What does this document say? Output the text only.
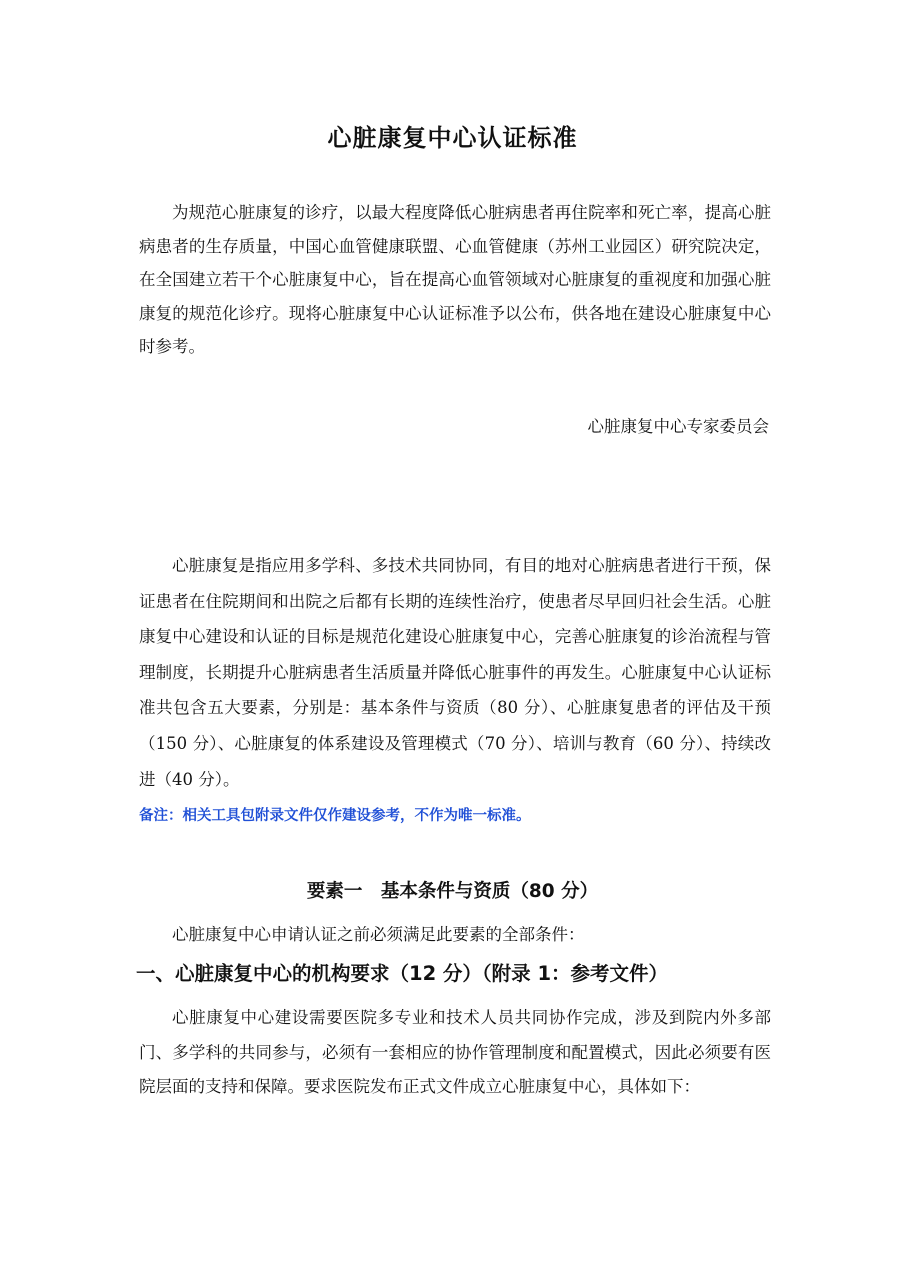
心脏康复中心认证标准

为规范心脏康复的诊疗，以最大程度降低心脏病患者再住院率和死亡率，提高心脏病患者的生存质量，中国心血管健康联盟、心血管健康（苏州工业园区）研究院决定，在全国建立若干个心脏康复中心，旨在提高心血管领域对心脏康复的重视度和加强心脏康复的规范化诊疗。现将心脏康复中心认证标准予以公布，供各地在建设心脏康复中心时参考。

心脏康复中心专家委员会

心脏康复是指应用多学科、多技术共同协同，有目的地对心脏病患者进行干预，保证患者在住院期间和出院之后都有长期的连续性治疗，使患者尽早回归社会生活。心脏康复中心建设和认证的目标是规范化建设心脏康复中心，完善心脏康复的诊治流程与管理制度，长期提升心脏病患者生活质量并降低心脏事件的再发生。心脏康复中心认证标准共包含五大要素，分别是：基本条件与资质（80 分）、心脏康复患者的评估及干预（150 分）、心脏康复的体系建设及管理模式（70 分）、培训与教育（60 分）、持续改进（40 分）。

备注：相关工具包附录文件仅作建设参考，不作为唯一标准。
要素一　基本条件与资质（80 分）

心脏康复中心申请认证之前必须满足此要素的全部条件：

一、心脏康复中心的机构要求（12 分）（附录 1：参考文件）

心脏康复中心建设需要医院多专业和技术人员共同协作完成，涉及到院内外多部门、多学科的共同参与，必须有一套相应的协作管理制度和配置模式，因此必须要有医院层面的支持和保障。要求医院发布正式文件成立心脏康复中心，具体如下：
